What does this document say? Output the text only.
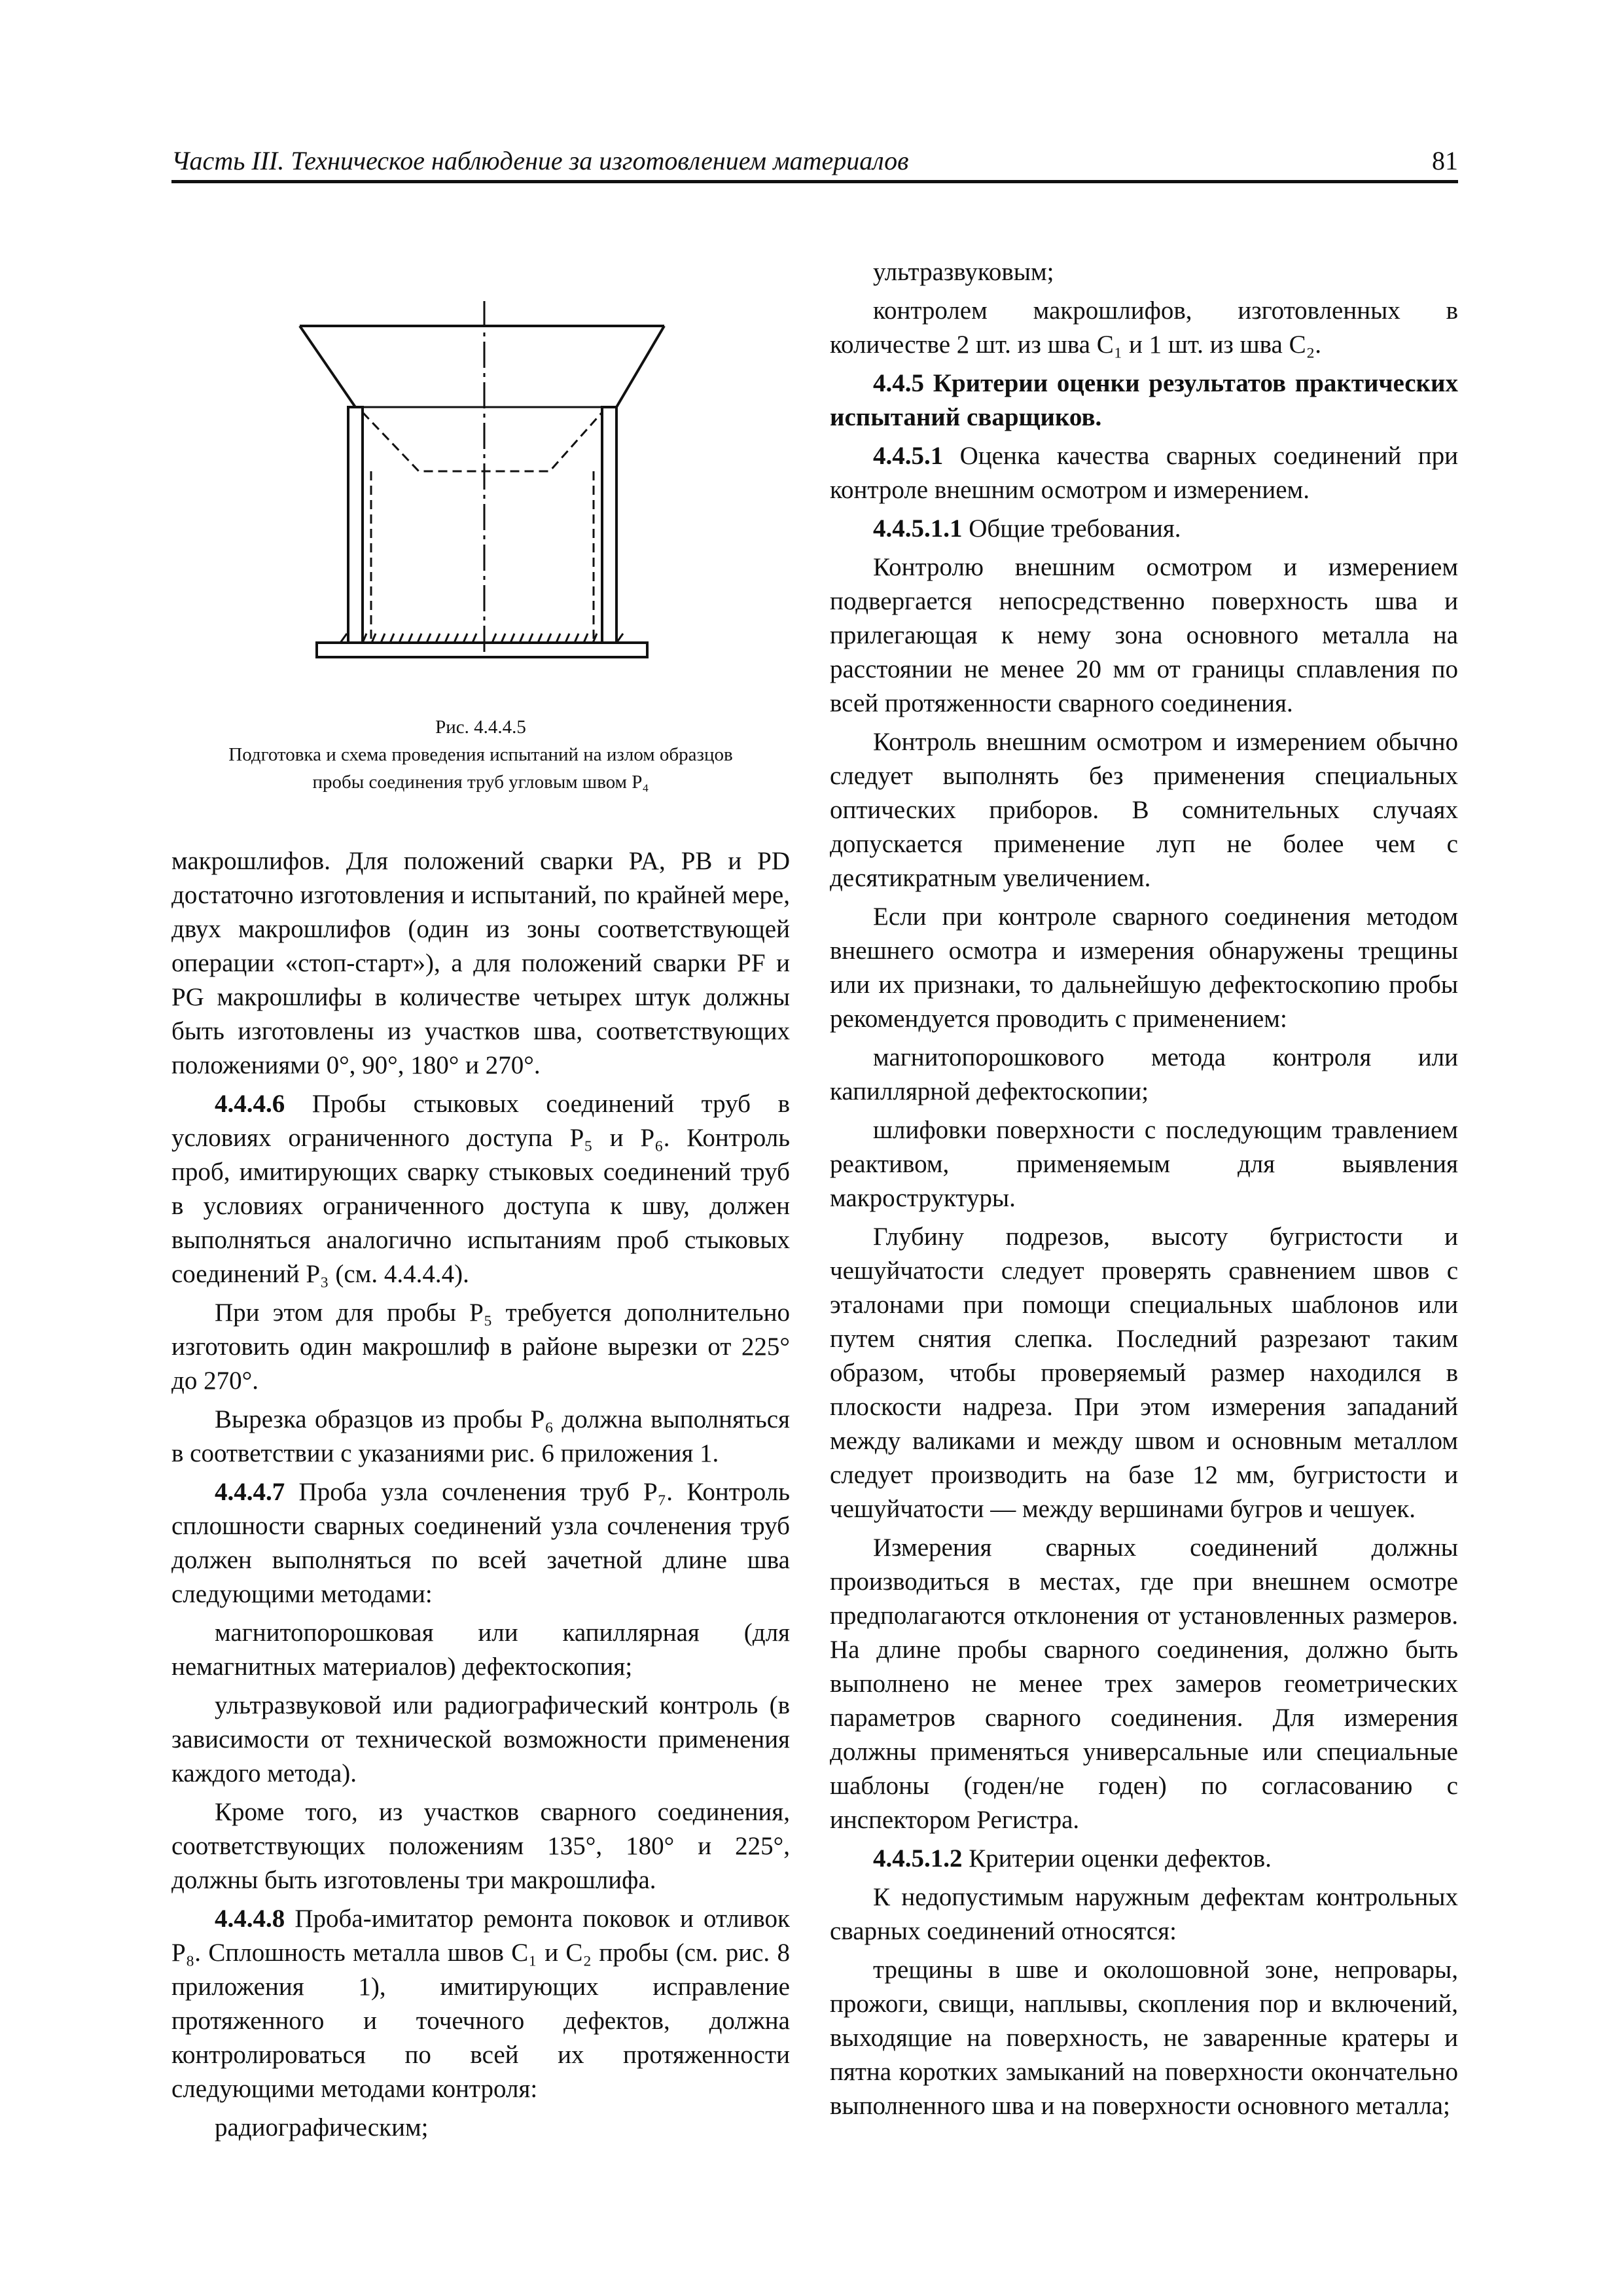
Часть III. Техническое наблюдение за изготовлением материалов	81
Рис. 4.4.4.5
Подготовка и схема проведения испытаний на излом образцов
пробы соединения труб угловым швом P₄

макрошлифов. Для положений сварки PA, PB и PD достаточно изготовления и испытаний, по крайней мере, двух макрошлифов (один из зоны соответствующей операции «стоп-старт»), а для положений сварки PF и PG макрошлифы в количестве четырех штук должны быть изготовлены из участков шва, соответствующих положениями 0°, 90°, 180° и 270°.

4.4.4.6 Пробы стыковых соединений труб в условиях ограниченного доступа P₅ и P₆. Контроль проб, имитирующих сварку стыковых соединений труб в условиях ограниченного доступа к шву, должен выполняться аналогично испытаниям проб стыковых соединений P₃ (см. 4.4.4.4).

При этом для пробы P₅ требуется дополнительно изготовить один макрошлиф в районе вырезки от 225° до 270°.

Вырезка образцов из пробы P₆ должна выполняться в соответствии с указаниями рис. 6 приложения 1.

4.4.4.7 Проба узла сочленения труб P₇. Контроль сплошности сварных соединений узла сочленения труб должен выполняться по всей зачетной длине шва следующими методами:

магнитопорошковая или капиллярная (для немагнитных материалов) дефектоскопия;

ультразвуковой или радиографический контроль (в зависимости от технической возможности применения каждого метода).

Кроме того, из участков сварного соединения, соответствующих положениям 135°, 180° и 225°, должны быть изготовлены три макрошлифа.

4.4.4.8 Проба-имитатор ремонта поковок и отливок P₈. Сплошность металла швов C₁ и C₂ пробы (см. рис. 8 приложения 1), имитирующих исправление протяженного и точечного дефектов, должна контролироваться по всей их протяженности следующими методами контроля:

радиографическим;

ультразвуковым;

контролем макрошлифов, изготовленных в количестве 2 шт. из шва C₁ и 1 шт. из шва C₂.

4.4.5 Критерии оценки результатов практических испытаний сварщиков.

4.4.5.1 Оценка качества сварных соединений при контроле внешним осмотром и измерением.

4.4.5.1.1 Общие требования.

Контролю внешним осмотром и измерением подвергается непосредственно поверхность шва и прилегающая к нему зона основного металла на расстоянии не менее 20 мм от границы сплавления по всей протяженности сварного соединения.

Контроль внешним осмотром и измерением обычно следует выполнять без применения специальных оптических приборов. В сомнительных случаях допускается применение луп не более чем с десятикратным увеличением.

Если при контроле сварного соединения методом внешнего осмотра и измерения обнаружены трещины или их признаки, то дальнейшую дефектоскопию пробы рекомендуется проводить с применением:

магнитопорошкового метода контроля или капиллярной дефектоскопии;

шлифовки поверхности с последующим травлением реактивом, применяемым для выявления макроструктуры.

Глубину подрезов, высоту бугристости и чешуйчатости следует проверять сравнением швов с эталонами при помощи специальных шаблонов или путем снятия слепка. Последний разрезают таким образом, чтобы проверяемый размер находился в плоскости надреза. При этом измерения западаний между валиками и между швом и основным металлом следует производить на базе 12 мм, бугристости и чешуйчатости — между вершинами бугров и чешуек.

Измерения сварных соединений должны производиться в местах, где при внешнем осмотре предполагаются отклонения от установленных размеров. На длине пробы сварного соединения, должно быть выполнено не менее трех замеров геометрических параметров сварного соединения. Для измерения должны применяться универсальные или специальные шаблоны (годен/не годен) по согласованию с инспектором Регистра.

4.4.5.1.2 Критерии оценки дефектов.

К недопустимым наружным дефектам контрольных сварных соединений относятся:

трещины в шве и околошовной зоне, непровары, прожоги, свищи, наплывы, скопления пор и включений, выходящие на поверхность, не заваренные кратеры и пятна коротких замыканий на поверхности окончательно выполненного шва и на поверхности основного металла;
